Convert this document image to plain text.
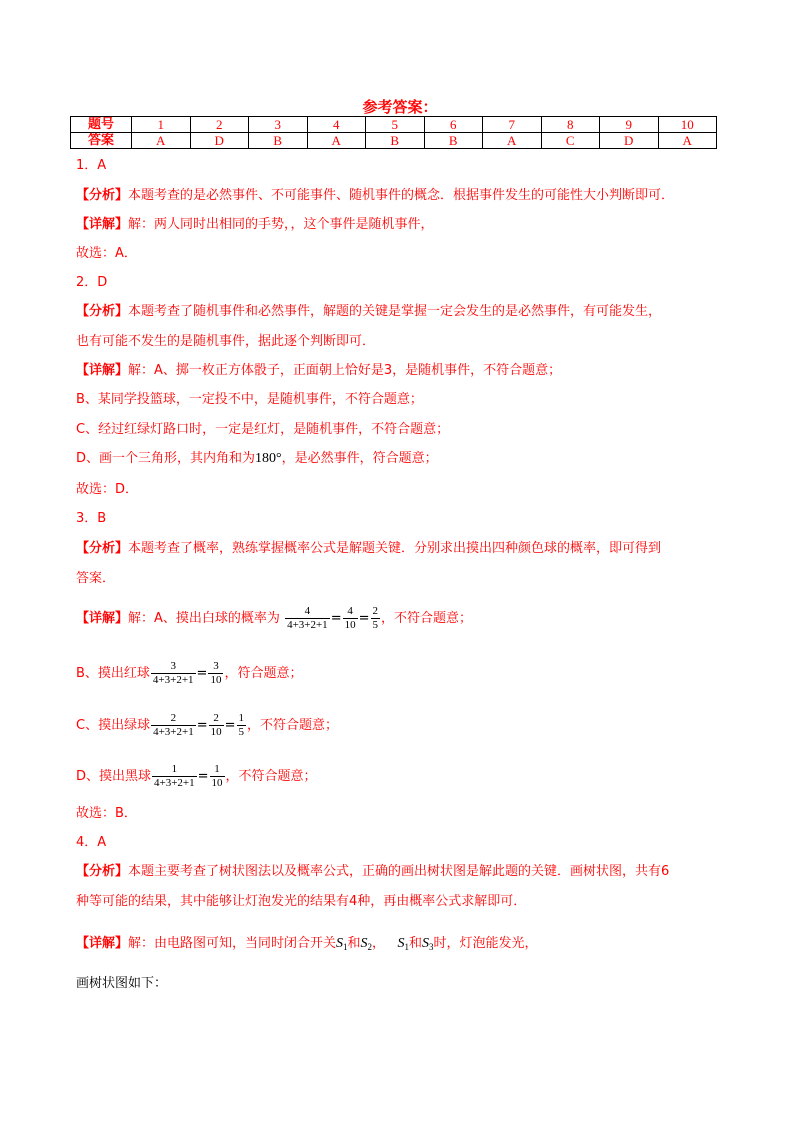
参考答案：
题号	1	2	3	4	5	6	7	8	9	10
答案	A	D	B	A	B	B	A	C	D	A
1．A
【分析】本题考查的是必然事件、不可能事件、随机事件的概念．根据事件发生的可能性大小判断即可．
【详解】解：两人同时出相同的手势，，这个事件是随机事件，
故选：A．
2．D
【分析】本题考查了随机事件和必然事件，解题的关键是掌握一定会发生的是必然事件，有可能发生，
也有可能不发生的是随机事件，据此逐个判断即可．
【详解】解：A、掷一枚正方体骰子，正面朝上恰好是3，是随机事件，不符合题意；
B、某同学投篮球，一定投不中，是随机事件，不符合题意；
C、经过红绿灯路口时，一定是红灯，是随机事件，不符合题意；
D、画一个三角形，其内角和为180°，是必然事件，符合题意；
故选：D．
3．B
【分析】本题考查了概率，熟练掌握概率公式是解题关键．分别求出摸出四种颜色球的概率，即可得到
答案．
【详解】解：A、摸出白球的概率为 $\frac{4}{4+3+2+1} = \frac{4}{10} = \frac{2}{5}$ ，不符合题意；
B、摸出红球 $\frac{3}{4+3+2+1} = \frac{3}{10}$ ，符合题意；
C、摸出绿球 $\frac{2}{4+3+2+1} = \frac{2}{10} = \frac{1}{5}$ ，不符合题意；
D、摸出黑球 $\frac{1}{4+3+2+1} = \frac{1}{10}$ ，不符合题意；
故选：B．
4．A
【分析】本题主要考查了树状图法以及概率公式，正确的画出树状图是解此题的关键．画树状图，共有6
种等可能的结果，其中能够让灯泡发光的结果有4种，再由概率公式求解即可．
【详解】解：由电路图可知，当同时闭合开关$S_1$和$S_2$， $S_1$和$S_3$时，灯泡能发光，
画树状图如下：
